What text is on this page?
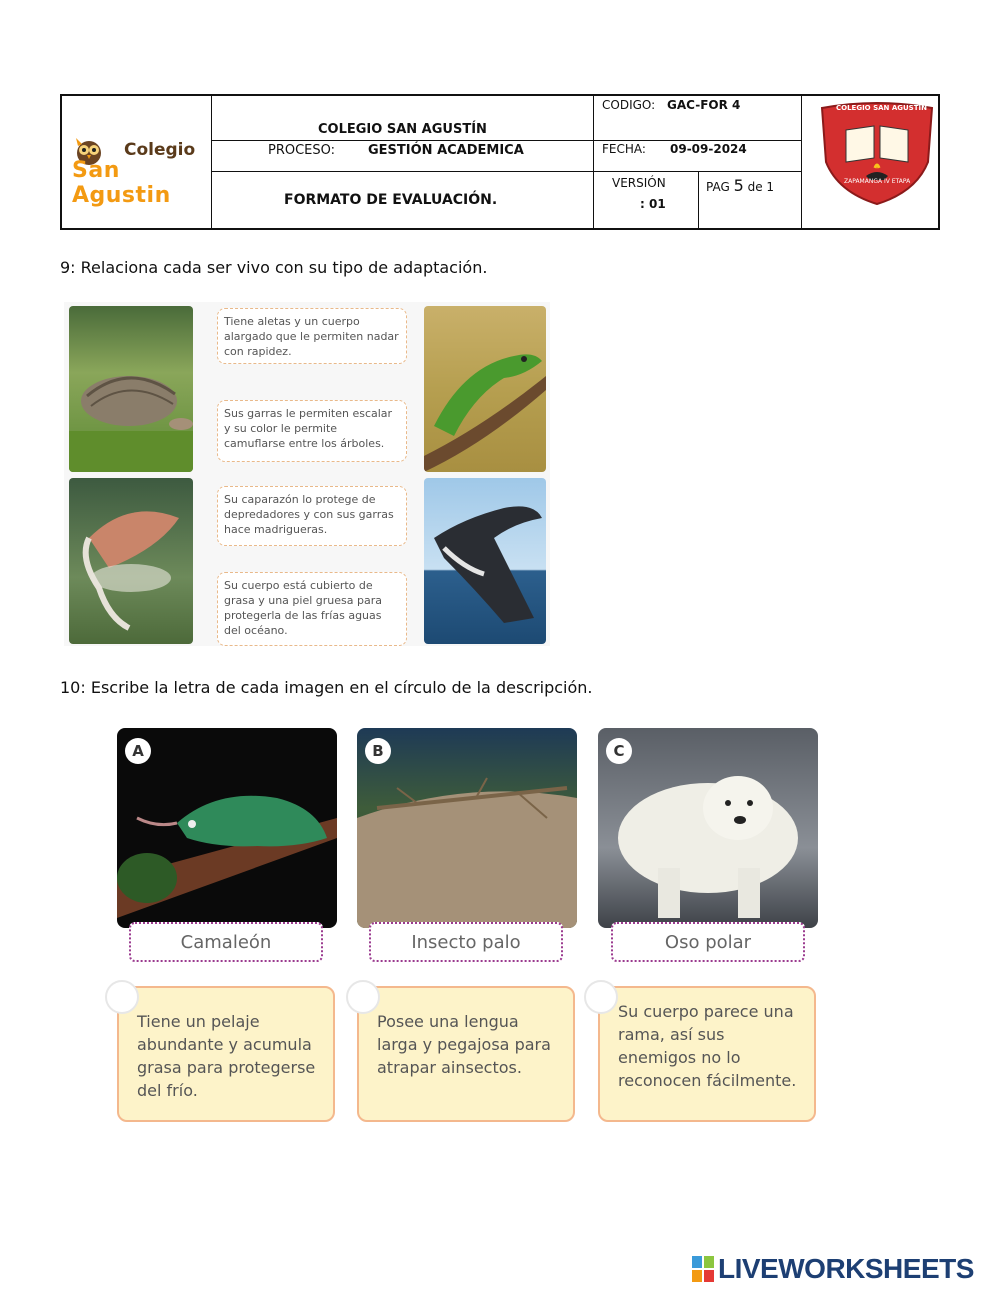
Colegio
San Agustin
COLEGIO SAN AGUSTÍN
PROCESO:	GESTIÓN ACADEMICA
FORMATO DE EVALUACIÓN.
CODIGO: GAC-FOR 4
FECHA: 09-09-2024
VERSIÓN
: 01
PAG 5 de 1
COLEGIO SAN AGUSTIN
ZAPAMANGA IV ETAPA
9: Relaciona cada ser vivo con su tipo de adaptación.
Tiene aletas y un cuerpo alargado que le permiten nadar con rapidez.
Sus garras le permiten escalar y su color le permite camuflarse entre los árboles.
Su caparazón lo protege de depredadores y con sus garras hace madrigueras.
Su cuerpo está cubierto de grasa y una piel gruesa para protegerla de las frías aguas del océano.
10: Escribe la letra de cada imagen en el círculo de la descripción.
A	B	C
Camaleón	Insecto palo	Oso polar
Tiene un pelaje abundante y acumula grasa para protegerse del frío.
Posee una lengua larga y pegajosa para atrapar ainsectos.
Su cuerpo parece una rama, así sus enemigos no lo reconocen fácilmente.
LIVEWORKSHEETS
